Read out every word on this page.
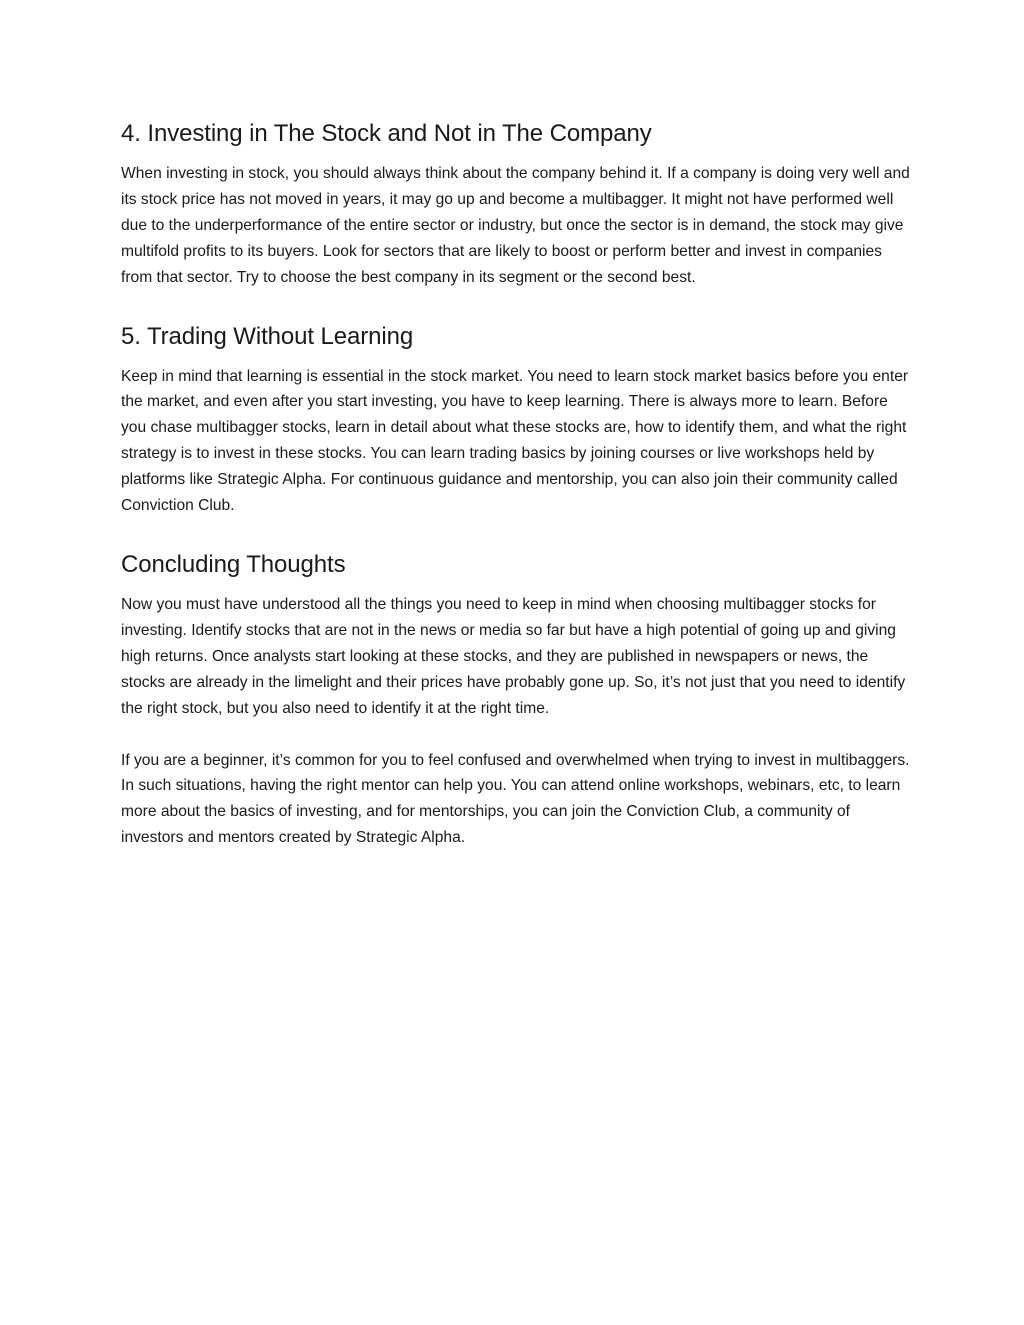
4. Investing in The Stock and Not in The Company

When investing in stock, you should always think about the company behind it. If a company is doing very well and its stock price has not moved in years, it may go up and become a multibagger. It might not have performed well due to the underperformance of the entire sector or industry, but once the sector is in demand, the stock may give multifold profits to its buyers. Look for sectors that are likely to boost or perform better and invest in companies from that sector. Try to choose the best company in its segment or the second best.

5. Trading Without Learning

Keep in mind that learning is essential in the stock market. You need to learn stock market basics before you enter the market, and even after you start investing, you have to keep learning. There is always more to learn. Before you chase multibagger stocks, learn in detail about what these stocks are, how to identify them, and what the right strategy is to invest in these stocks. You can learn trading basics by joining courses or live workshops held by platforms like Strategic Alpha. For continuous guidance and mentorship, you can also join their community called Conviction Club.

Concluding Thoughts

Now you must have understood all the things you need to keep in mind when choosing multibagger stocks for investing. Identify stocks that are not in the news or media so far but have a high potential of going up and giving high returns. Once analysts start looking at these stocks, and they are published in newspapers or news, the stocks are already in the limelight and their prices have probably gone up. So, it’s not just that you need to identify the right stock, but you also need to identify it at the right time.

If you are a beginner, it’s common for you to feel confused and overwhelmed when trying to invest in multibaggers. In such situations, having the right mentor can help you. You can attend online workshops, webinars, etc, to learn more about the basics of investing, and for mentorships, you can join the Conviction Club, a community of investors and mentors created by Strategic Alpha.
